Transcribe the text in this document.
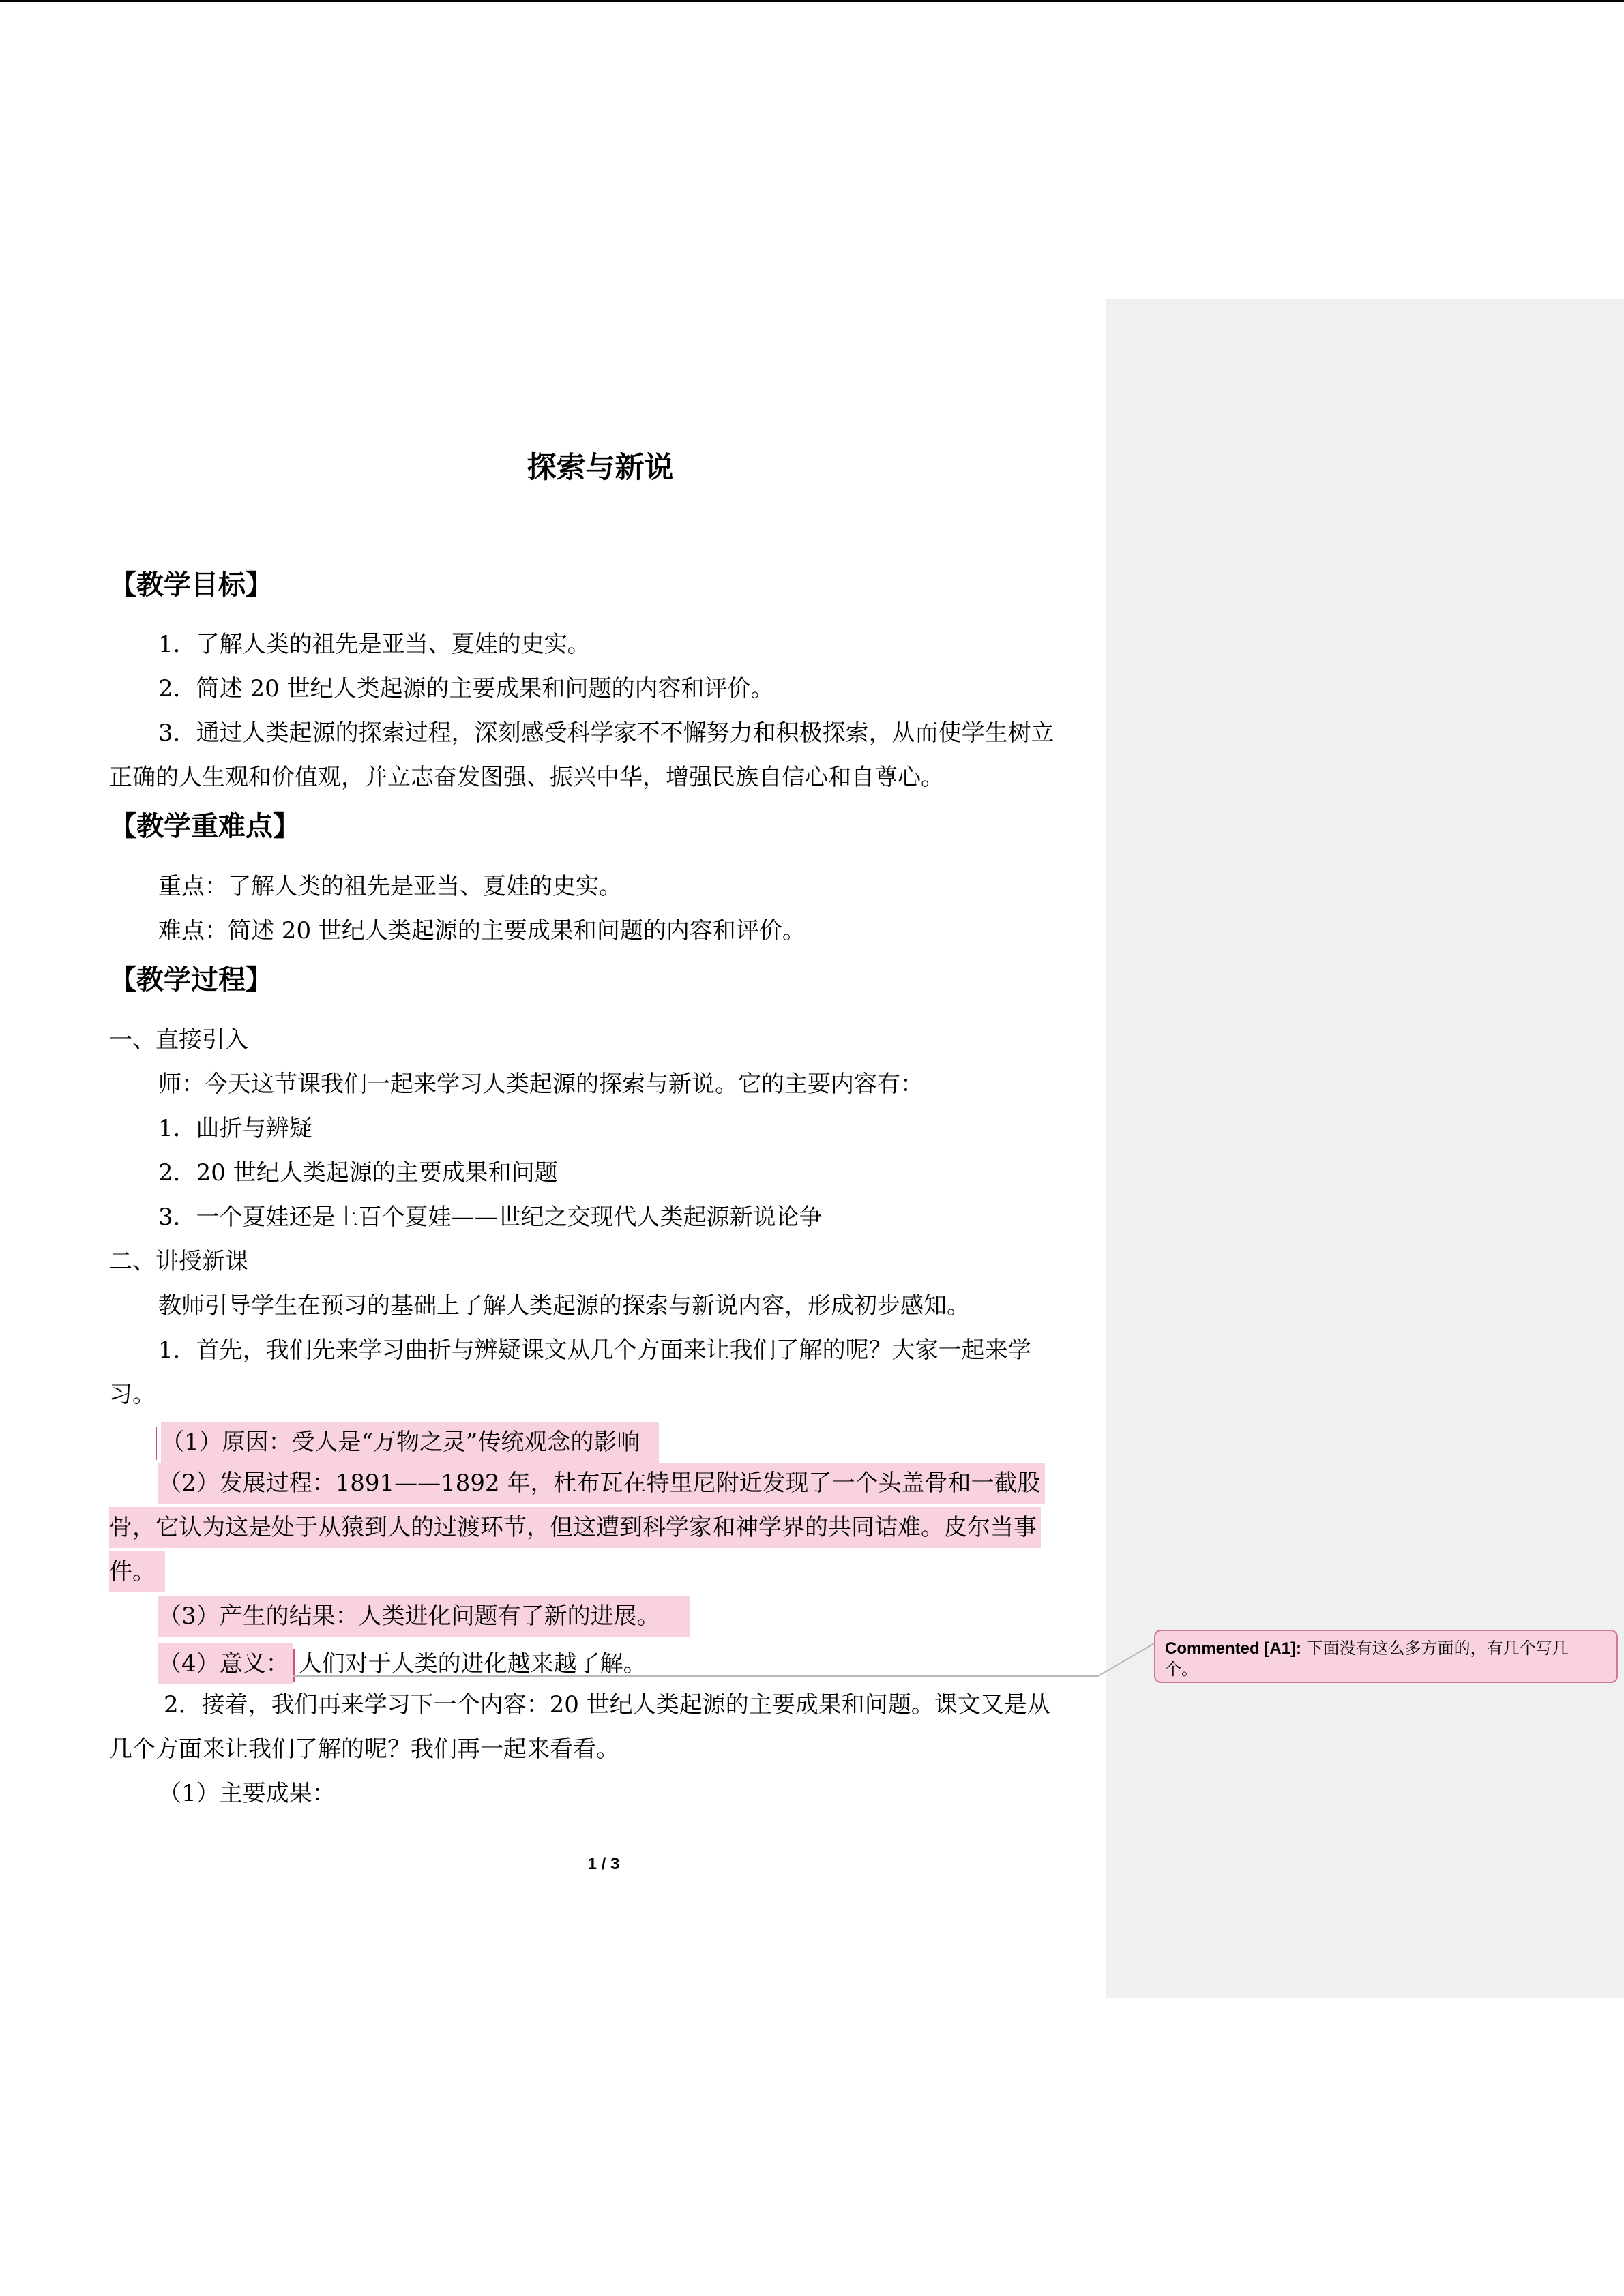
探索与新说
【教学目标】
1．了解人类的祖先是亚当、夏娃的史实。
2．简述 20 世纪人类起源的主要成果和问题的内容和评价。
3．通过人类起源的探索过程，深刻感受科学家不不懈努力和积极探索，从而使学生树立
正确的人生观和价值观，并立志奋发图强、振兴中华，增强民族自信心和自尊心。
【教学重难点】
重点：了解人类的祖先是亚当、夏娃的史实。
难点：简述 20 世纪人类起源的主要成果和问题的内容和评价。
【教学过程】
一、直接引入
师：今天这节课我们一起来学习人类起源的探索与新说。它的主要内容有：
1．曲折与辨疑
2．20 世纪人类起源的主要成果和问题
3．一个夏娃还是上百个夏娃——世纪之交现代人类起源新说论争
二、讲授新课
教师引导学生在预习的基础上了解人类起源的探索与新说内容，形成初步感知。
1．首先，我们先来学习曲折与辨疑课文从几个方面来让我们了解的呢？大家一起来学
习。
（1）原因：受人是“万物之灵”传统观念的影响
（2）发展过程：1891——1892 年，杜布瓦在特里尼附近发现了一个头盖骨和一截股
骨，它认为这是处于从猿到人的过渡环节，但这遭到科学家和神学界的共同诘难。皮尔当事
件。
（3）产生的结果：人类进化问题有了新的进展。
（4）意义： 人们对于人类的进化越来越了解。
2．接着，我们再来学习下一个内容：20 世纪人类起源的主要成果和问题。课文又是从
几个方面来让我们了解的呢？我们再一起来看看。
（1）主要成果：
1 / 3
Commented [A1]: 下面没有这么多方面的，有几个写几
个。
